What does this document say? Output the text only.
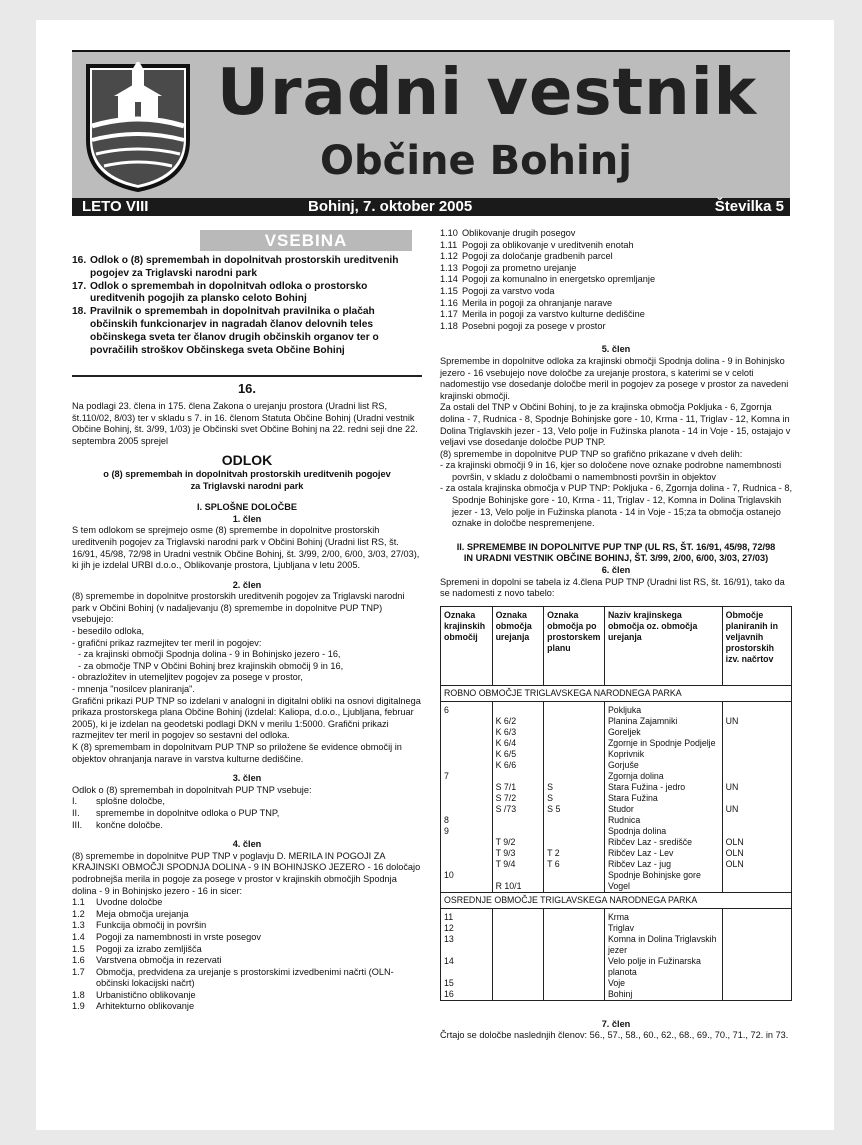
Uradni vestnik
Občine Bohinj
LETO VIII	Bohinj, 7. oktober 2005	Številka 5
VSEBINA
16. Odlok o (8) spremembah in dopolnitvah prostorskih ureditvenih pogojev za Triglavski narodni park
17. Odlok o spremembah in dopolnitvah odloka o prostorsko ureditvenih pogojih za plansko celoto Bohinj
18. Pravilnik o spremembah in dopolnitvah pravilnika o plačah občinskih funkcionarjev in nagradah članov delovnih teles občinskega sveta ter članov drugih občinskih organov ter o povračilih stroškov Občinskega sveta Občine Bohinj
16.

Na podlagi 23. člena in 175. člena Zakona o urejanju prostora (Uradni list RS, št.110/02, 8/03) ter v skladu s 7. in 16. členom Statuta Občine Bohinj (Uradni vestnik Občine Bohinj, št. 3/99, 1/03) je Občinski svet Občine Bohinj na 22. redni seji dne 22. septembra 2005 sprejel

ODLOK

o (8) spremembah in dopolnitvah prostorskih ureditvenih pogojev za Triglavski narodni park

I. SPLOŠNE DOLOČBE
1. člen

S tem odlokom se sprejmejo osme (8) spremembe in dopolnitve prostorskih ureditvenih pogojev za Triglavski narodni park v Občini Bohinj (Uradni list RS, št. 16/91, 45/98, 72/98 in Uradni vestnik Občine Bohinj, št. 3/99, 2/00, 6/00, 3/03, 27/03), ki jih je izdelal URBI d.o.o., Oblikovanje prostora, Ljubljana v letu 2005.

2. člen

(8) spremembe in dopolnitve prostorskih ureditvenih pogojev za Triglavski narodni park v Občini Bohinj (v nadaljevanju (8) spremembe in dopolnitve PUP TNP) vsebujejo:

- besedilo odloka,

- grafični prikaz razmejitev ter meril in pogojev:

- za krajinski območji Spodnja dolina - 9 in Bohinjsko jezero - 16,

- za območje TNP v Občini Bohinj brez krajinskih območij 9 in 16,

- obrazložitev in utemeljitev pogojev za posege v prostor,

- mnenja "nosilcev planiranja".

Grafični prikazi PUP TNP so izdelani v analogni in digitalni obliki na osnovi digitalnega prikaza prostorskega plana Občine Bohinj (izdelal: Kaliopa, d.o.o., Ljubljana, februar 2005), ki je izdelan na geodetski podlagi DKN v merilu 1:5000. Grafični prikazi razmejitev ter meril in pogojev so sestavni del odloka.

K (8) spremembam in dopolnitvam PUP TNP so priložene še evidence območij in objektov ohranjanja narave in varstva kulturne dediščine.

3. člen

Odlok o (8) spremembah in dopolnitvah PUP TNP vsebuje:

I.	splošne določbe,
II.	spremembe in dopolnitve odloka o PUP TNP,
III.	končne določbe.
4. člen

(8) spremembe in dopolnitve PUP TNP v poglavju D. MERILA IN POGOJI ZA KRAJINSKI OBMOČJI SPODNJA DOLINA - 9 IN BOHINJSKO JEZERO - 16 določajo podrobnejša merila in pogoje za posege v prostor v krajinskih območjih Spodnja dolina - 9 in Bohinjsko jezero - 16 in sicer:

1.1	Uvodne določbe
1.2	Meja območja urejanja
1.3	Funkcija območij in površin
1.4	Pogoji za namembnosti in vrste posegov
1.5	Pogoji za izrabo zemljišča
1.6	Varstvena območja in rezervati
1.7	Območja, predvidena za urejanje s prostorskimi izvedbenimi načrti (OLN-občinski lokacijski načrt)
1.8	Urbanistično oblikovanje
1.9	Arhitekturno oblikovanje
1.10 Oblikovanje drugih posegov
1.11 Pogoji za oblikovanje v ureditvenih enotah
1.12 Pogoji za določanje gradbenih parcel
1.13 Pogoji za prometno urejanje
1.14 Pogoji za komunalno in energetsko opremljanje
1.15 Pogoji za varstvo voda
1.16 Merila in pogoji za ohranjanje narave
1.17 Merila in pogoji za varstvo kulturne dediščine
1.18 Posebni pogoji za posege v prostor
5. člen

Spremembe in dopolnitve odloka za krajinski območji Spodnja dolina - 9 in Bohinjsko jezero - 16 vsebujejo nove določbe za urejanje prostora, s katerimi se v celoti nadomestijo vse dosedanje določbe meril in pogojev za posege v prostor za navedeni krajinski območji.

Za ostali del TNP v Občini Bohinj, to je za krajinska območja Pokljuka - 6, Zgornja dolina - 7, Rudnica - 8, Spodnje Bohinjske gore - 10, Krma - 11, Triglav - 12, Komna in Dolina Triglavskih jezer - 13, Velo polje in Fužinska planota - 14 in Voje - 15, ostajajo v veljavi vse dosedanje določbe PUP TNP.

(8) spremembe in dopolnitve PUP TNP so grafično prikazane v dveh delih:

- za krajinski območji 9 in 16, kjer so določene nove oznake podrobne namembnosti površin, v skladu z določbami o namembnosti površin in objektov

- za ostala krajinska območja v PUP TNP: Pokljuka - 6, Zgornja dolina - 7, Rudnica - 8, Spodnje Bohinjske gore - 10, Krma - 11, Triglav - 12, Komna in Dolina Triglavskih jezer - 13, Velo polje in Fužinska planota - 14 in Voje - 15;za ta območja ostanejo oznake in določbe nespremenjene.

II. SPREMEMBE IN DOPOLNITVE PUP TNP (UL RS, ŠT. 16/91, 45/98, 72/98 IN URADNI VESTNIK OBČINE BOHINJ, ŠT. 3/99, 2/00, 6/00, 3/03, 27/03)
6. člen

Spremeni in dopolni se tabela iz 4.člena PUP TNP (Uradni list RS, št. 16/91), tako da se nadomesti z novo tabelo:

Oznaka krajinskih območij	Oznaka območja urejanja	Oznaka območja po prostorskem planu	Naziv krajinskega območja oz. območja urejanja	Območje planiranih in veljavnih prostorskih izv. načrtov
ROBNO OBMOČJE TRIGLAVSKEGA NARODNEGA PARKA				
6			Pokljuka	
	K 6/2		Planina Zajamniki	UN
	K 6/3		Goreljek	
	K 6/4		Zgornje in Spodnje Podjelje	
	K 6/5		Koprivnik	
	K 6/6		Gorjuše	
7			Zgornja dolina	
	S 7/1	S	Stara Fužina - jedro	UN
	S 7/2	S	Stara Fužina	
	S /73	S 5	Studor	UN
8			Rudnica	
9			Spodnja dolina	
	T 9/2		Ribčev Laz - središče	OLN
	T 9/3	T 2	Ribčev Laz - Lev	OLN
	T 9/4	T 6	Ribčev Laz - jug	OLN
10			Spodnje Bohinjske gore	
	R 10/1		Vogel	
OSREDNJE OBMOČJE TRIGLAVSKEGA NARODNEGA PARKA				
11			Krma	
12			Triglav	
13			Komna in Dolina Triglavskih jezer	
14			Velo polje in Fužinarska planota	
15			Voje	
16			Bohinj	
7. člen

Črtajo se določbe naslednjih členov: 56., 57., 58., 60., 62., 68., 69., 70., 71., 72. in 73.
